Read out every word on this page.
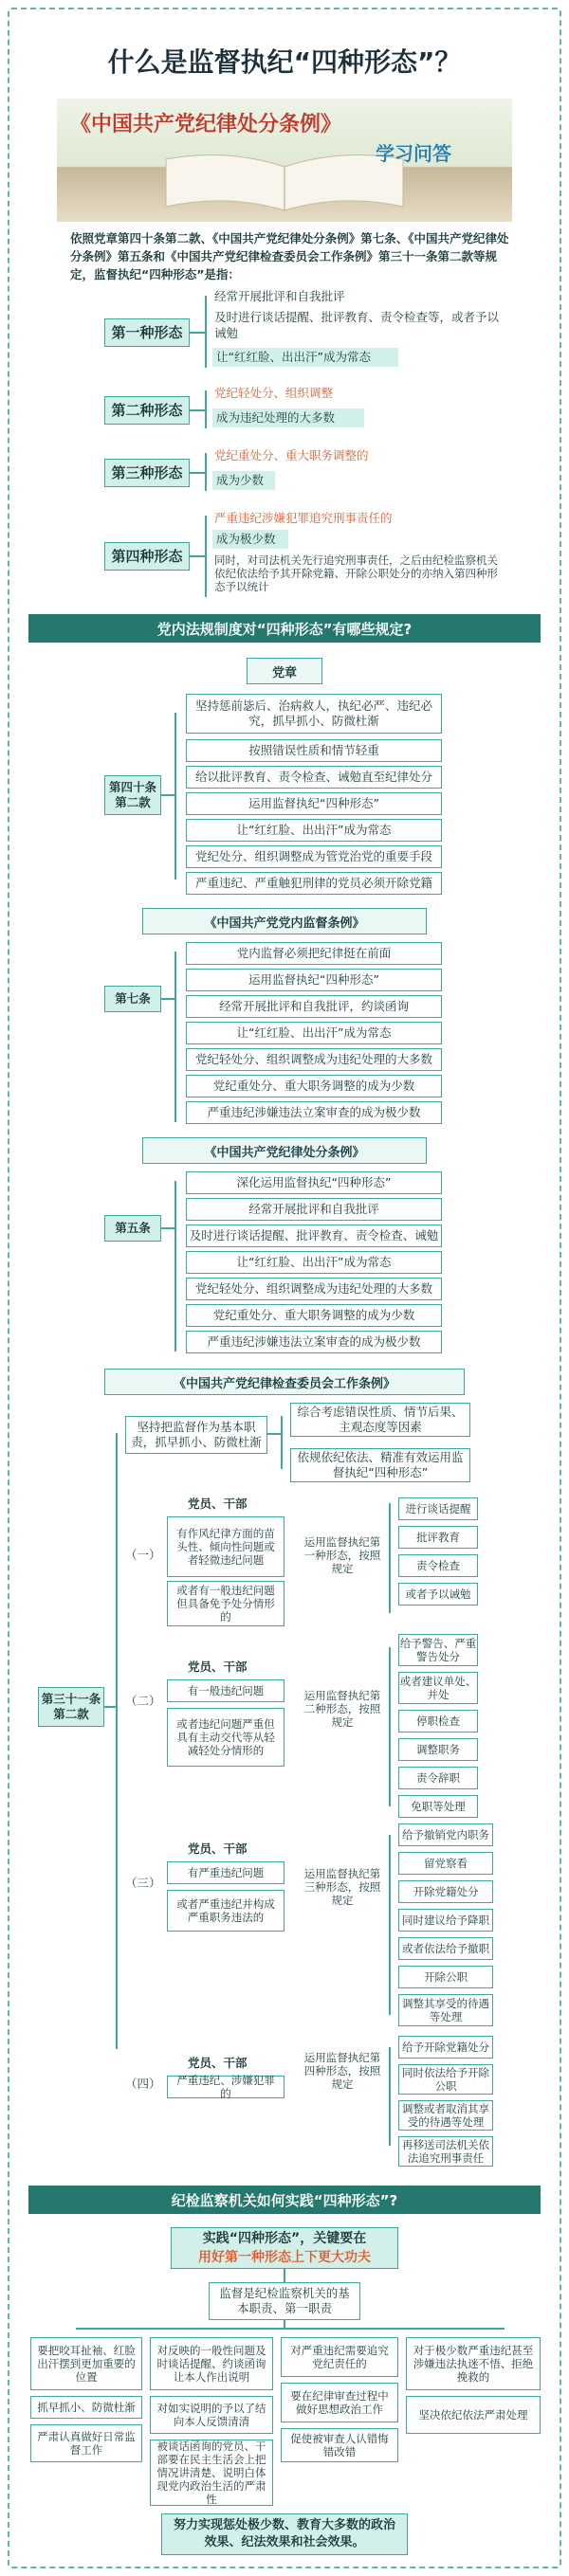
什么是监督执纪“四种形态”？
《中国共产党纪律处分条例》
学习问答
依照党章第四十条第二款、《中国共产党纪律处分条例》第七条、《中国共产党纪律处分条例》第五条和《中国共产党纪律检查委员会工作条例》第三十一条第二款等规定，监督执纪“四种形态”是指：
第一种形态
经常开展批评和自我批评
及时进行谈话提醒、批评教育、责令检查等，或者予以诫勉
让“红红脸、出出汗”成为常态
第二种形态
党纪轻处分、组织调整
成为违纪处理的大多数
第三种形态
党纪重处分、重大职务调整的
成为少数
第四种形态
严重违纪涉嫌犯罪追究刑事责任的
成为极少数
同时，对司法机关先行追究刑事责任，之后由纪检监察机关依纪依法给予其开除党籍、开除公职处分的亦纳入第四种形态予以统计
党内法规制度对“四种形态”有哪些规定?
党章
第四十条第二款
坚持惩前毖后、治病救人，执纪必严、违纪必究，抓早抓小、防微杜渐
按照错误性质和情节轻重
给以批评教育、责令检查、诫勉直至纪律处分
运用监督执纪“四种形态”
让“红红脸、出出汗”成为常态
党纪处分、组织调整成为管党治党的重要手段
严重违纪、严重触犯刑律的党员必须开除党籍
《中国共产党党内监督条例》
第七条
党内监督必须把纪律挺在前面
运用监督执纪“四种形态”
经常开展批评和自我批评，约谈函询
让“红红脸、出出汗”成为常态
党纪轻处分、组织调整成为违纪处理的大多数
党纪重处分、重大职务调整的成为少数
严重违纪涉嫌违法立案审查的成为极少数
《中国共产党纪律处分条例》
第五条
深化运用监督执纪“四种形态”
经常开展批评和自我批评
及时进行谈话提醒、批评教育、责令检查、诫勉
让“红红脸、出出汗”成为常态
党纪轻处分、组织调整成为违纪处理的大多数
党纪重处分、重大职务调整的成为少数
严重违纪涉嫌违法立案审查的成为极少数
《中国共产党纪律检查委员会工作条例》
第三十一条第二款
坚持把监督作为基本职责，抓早抓小、防微杜渐
综合考虑错误性质、情节后果、主观态度等因素
依规依纪依法、精准有效运用监督执纪“四种形态”
（一）
党员、干部
有作风纪律方面的苗头性、倾向性问题或者轻微违纪问题
或者有一般违纪问题但具备免予处分情形的
运用监督执纪第一种形态，按照规定
进行谈话提醒
批评教育
责令检查
或者予以诫勉
（二）
党员、干部
有一般违纪问题
或者违纪问题严重但具有主动交代等从轻减轻处分情形的
运用监督执纪第二种形态，按照规定
给予警告、严重警告处分
或者建议单处、并处
停职检查
调整职务
责令辞职
免职等处理
（三）
党员、干部
有严重违纪问题
或者严重违纪并构成严重职务违法的
运用监督执纪第三种形态，按照规定
给予撤销党内职务
留党察看
开除党籍处分
同时建议给予降职
或者依法给予撤职
开除公职
调整其享受的待遇等处理
（四）
党员、干部
严重违纪、涉嫌犯罪的
运用监督执纪第四种形态，按照规定
给予开除党籍处分
同时依法给予开除公职
调整或者取消其享受的待遇等处理
再移送司法机关依法追究刑事责任
纪检监察机关如何实践“四种形态”?
实践“四种形态”，关键要在
用好第一种形态上下更大功夫
监督是纪检监察机关的基本职责、第一职责
要把咬耳扯袖、红脸出汗摆到更加重要的位置
抓早抓小、防微杜渐
严肃认真做好日常监督工作
对反映的一般性问题及时谈话提醒、约谈函询让本人作出说明
对如实说明的予以了结向本人反馈清清
被谈话函询的党员、干部要在民主生活会上把情况讲清楚、说明白体现党内政治生活的严肃性
对严重违纪需要追究党纪责任的
要在纪律审查过程中做好思想政治工作
促使被审查人认错悔错改错
对于极少数严重违纪甚至涉嫌违法执迷不悟、拒绝挽救的
坚决依纪依法严肃处理
努力实现惩处极少数、教育大多数的政治效果、纪法效果和社会效果。
